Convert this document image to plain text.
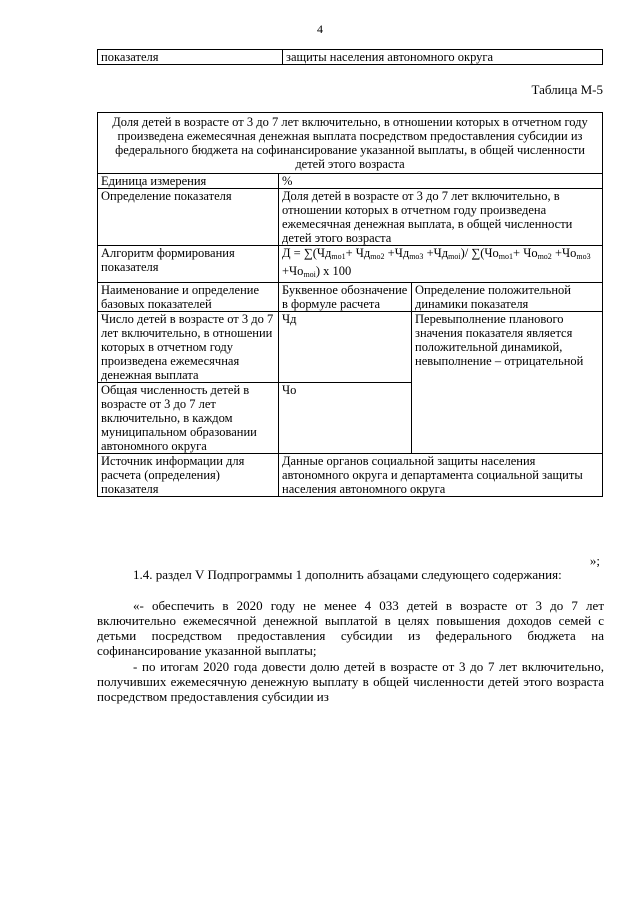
4
показателя	защиты населения автономного округа
Таблица М-5
Доля детей в возрасте от 3 до 7 лет включительно, в отношении которых в отчетном году произведена ежемесячная денежная выплата посредством предоставления субсидии из федерального бюджета на софинансирование указанной выплаты, в общей численности детей этого возраста		
Единица измерения	%	
Определение показателя	Доля детей в возрасте от 3 до 7 лет включительно, в отношении которых в отчетном году произведена ежемесячная денежная выплата, в общей численности детей этого возраста	
Алгоритм формирования показателя	$Д = \sum(Чд_{mo1}+ Чд_{mo2} +Чд_{mo3} +Чд_{moi})/$ $\sum(Чо_{mo1}+ Чо_{mo2} +Чо_{mo3} +Чо_{moi})$ х 100	
Наименование и определение базовых показателей	Буквенное обозначение в формуле расчета	Определение положительной динамики показателя
Число детей в возрасте от 3 до 7 лет включительно, в отношении которых в отчетном году произведена ежемесячная денежная выплата	Чд	Перевыполнение планового значения показателя является положительной динамикой, невыполнение – отрицательной
Общая численность детей в возрасте от 3 до 7 лет включительно, в каждом муниципальном образовании автономного округа	Чо	
Источник информации для расчета (определения) показателя	Данные органов социальной защиты населения автономного округа и департамента социальной защиты населения автономного округа	
»;

1.4. раздел V Подпрограммы 1 дополнить абзацами следующего содержания:

«- обеспечить в 2020 году не менее 4 033 детей в возрасте от 3 до 7 лет включительно ежемесячной денежной выплатой в целях повышения доходов семей с детьми посредством предоставления субсидии из федерального бюджета на софинансирование указанной выплаты;

- по итогам 2020 года довести долю детей в возрасте от 3 до 7 лет включительно, получивших ежемесячную денежную выплату в общей численности детей этого возраста посредством предоставления субсидии из
